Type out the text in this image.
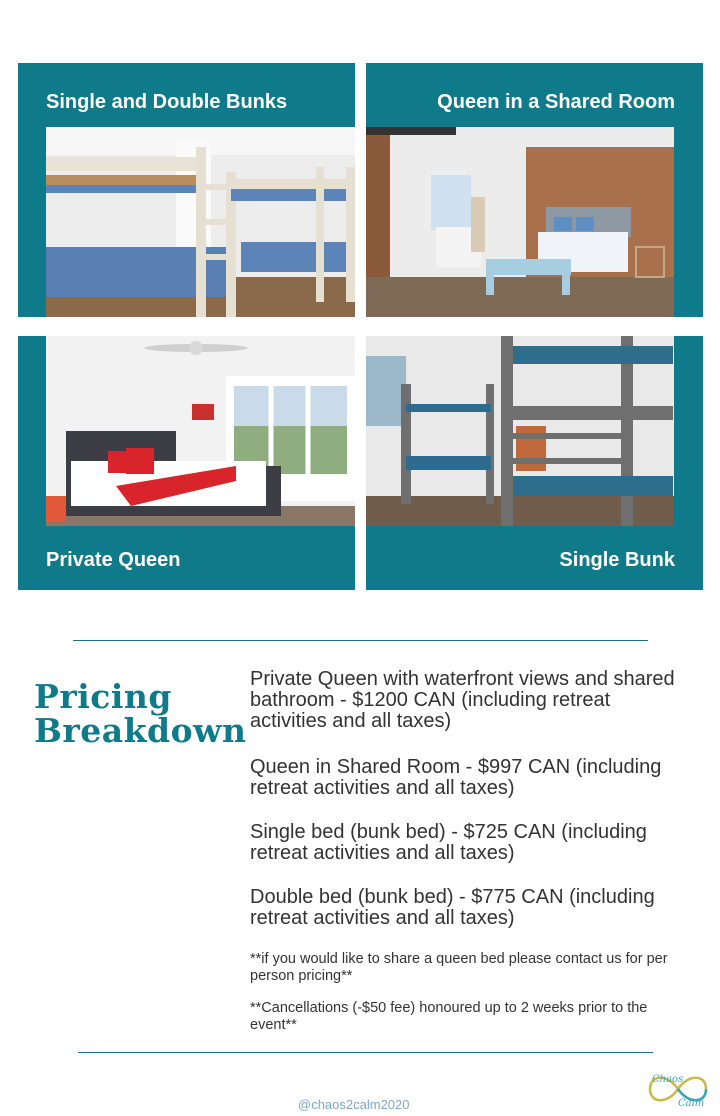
Single and Double Bunks	Queen in a Shared Room
Private Queen	Single Bunk
Pricing
Breakdown
Private Queen with waterfront views and shared bathroom - $1200 CAN (including retreat activities and all taxes)
Queen in Shared Room - $997 CAN (including retreat activities and all taxes)
Single bed (bunk bed) - $725 CAN (including retreat activities and all taxes)
Double bed (bunk bed) - $775 CAN (including retreat activities and all taxes)
**if you would like to share a queen bed please contact us for per person pricing**
**Cancellations (-$50 fee) honoured up to 2 weeks prior to the event**
@chaos2calm2020
Chaos
Calm
